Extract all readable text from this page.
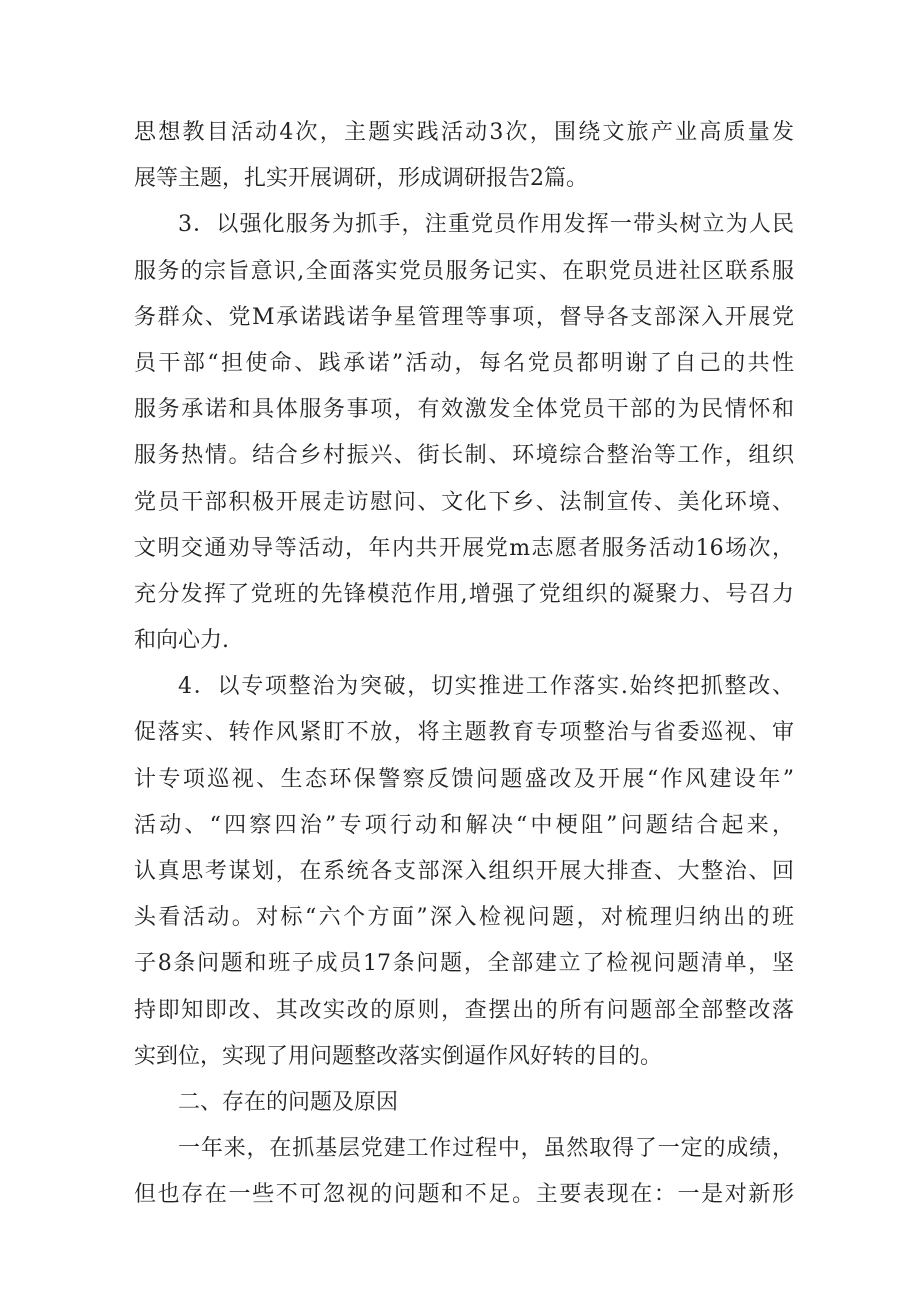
思想教目活动4次，主题实践活动3次，围绕文旅产业高质量发
展等主题，扎实开展调研，形成调研报告2篇。
3．以强化服务为抓手，注重党员作用发挥一带头树立为人民
服务的宗旨意识,全面落实党员服务记实、在职党员进社区联系服
务群众、党M承诺践诺争星管理等事项，督导各支部深入开展党
员干部“担使命、践承诺”活动，每名党员都明谢了自己的共性
服务承诺和具体服务事项，有效激发全体党员干部的为民情怀和
服务热情。结合乡村振兴、街长制、环境综合整治等工作，组织
党员干部积极开展走访慰问、文化下乡、法制宣传、美化环境、
文明交通劝导等活动，年内共开展党m志愿者服务活动16场次，
充分发挥了党班的先锋模范作用,增强了党组织的凝聚力、号召力
和向心力.
4．以专项整治为突破，切实推进工作落实.始终把抓整改、
促落实、转作风紧盯不放，将主题教育专项整治与省委巡视、审
计专项巡视、生态环保警察反馈问题盛改及开展“作风建设年”
活动、“四察四治”专项行动和解决“中梗阻”问题结合起来，
认真思考谋划，在系统各支部深入组织开展大排查、大整治、回
头看活动。对标“六个方面”深入检视问题，对梳理归纳出的班
子8条问题和班子成员17条问题，全部建立了检视问题清单，坚
持即知即改、其改实改的原则，查摆出的所有问题部全部整改落
实到位，实现了用问题整改落实倒逼作风好转的目的。
二、存在的问题及原因
一年来，在抓基层党建工作过程中，虽然取得了一定的成绩，
但也存在一些不可忽视的问题和不足。主要表现在：一是对新形
